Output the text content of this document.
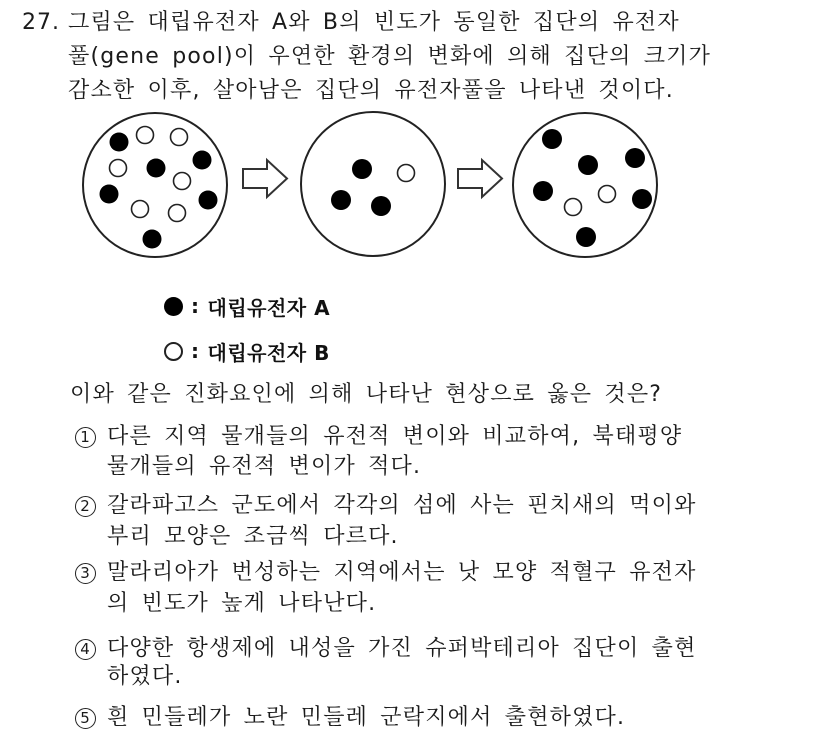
27. 그림은 대립유전자 A와 B의 빈도가 동일한 집단의 유전자
풀(gene pool)이 우연한 환경의 변화에 의해 집단의 크기가
감소한 이후, 살아남은 집단의 유전자풀을 나타낸 것이다.
: 대립유전자 A
: 대립유전자 B
이와 같은 진화요인에 의해 나타난 현상으로 옳은 것은?
1 다른 지역 물개들의 유전적 변이와 비교하여, 북태평양
물개들의 유전적 변이가 적다.
2 갈라파고스 군도에서 각각의 섬에 사는 핀치새의 먹이와
부리 모양은 조금씩 다르다.
3 말라리아가 번성하는 지역에서는 낫 모양 적혈구 유전자
의 빈도가 높게 나타난다.
4 다양한 항생제에 내성을 가진 슈퍼박테리아 집단이 출현
하였다.
5 흰 민들레가 노란 민들레 군락지에서 출현하였다.
